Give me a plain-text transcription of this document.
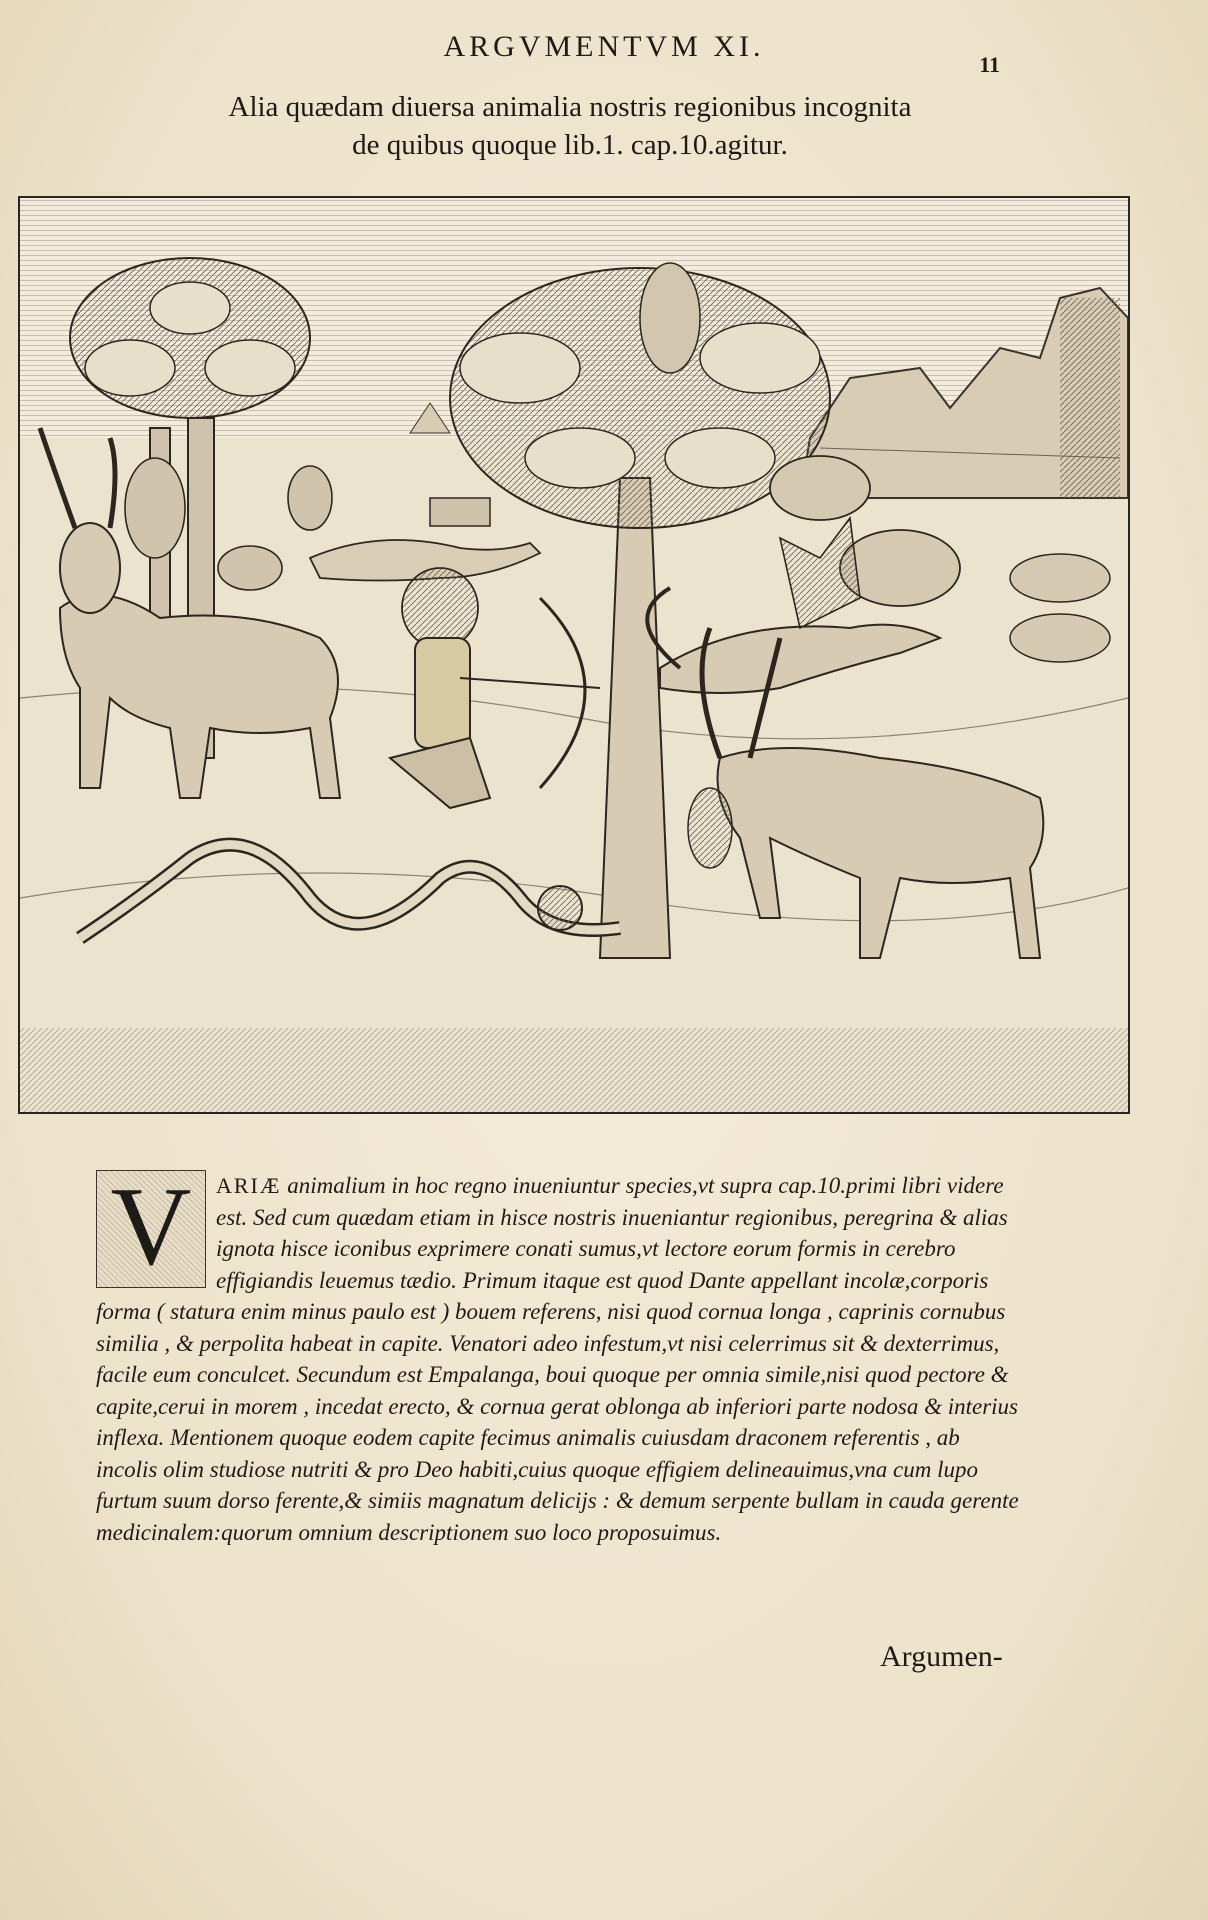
ARGVMENTVM XI.
11
Alia quædam diuersa animalia nostris regionibus incognita
de quibus quoque lib.1. cap.10.agitur.
V	ARIÆ animalium in hoc regno inueniuntur species,vt supra cap.10.primi libri videre est. Sed cum quædam etiam in hisce nostris inueniantur regionibus, peregrina & alias ignota hisce iconibus exprimere conati sumus,vt lectore eorum formis in cerebro effigiandis leuemus tædio. Primum itaque est quod Dante appellant incolæ,corporis forma ( statura enim minus paulo est ) bouem referens, nisi quod cornua longa , caprinis cornubus similia , & perpolita habeat in capite. Venatori adeo infestum,vt nisi celerrimus sit & dexterrimus, facile eum conculcet. Secundum est Empalanga, boui quoque per omnia simile,nisi quod pectore & capite,cerui in morem , incedat erecto, & cornua gerat oblonga ab inferiori parte nodosa & interius inflexa. Mentionem quoque eodem capite fecimus animalis cuiusdam draconem referentis , ab incolis olim studiose nutriti & pro Deo habiti,cuius quoque effigiem delineauimus,vna cum lupo furtum suum dorso ferente,& simiis magnatum delicijs : & demum serpente bullam in cauda gerente medicinalem:quorum omnium descriptionem suo loco proposuimus.
Argumen-
